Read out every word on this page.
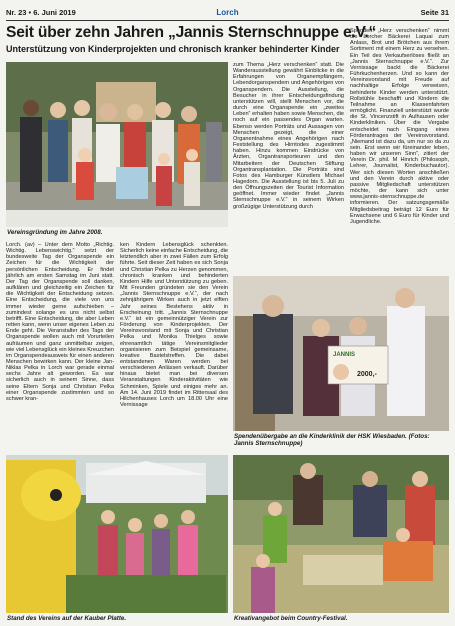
Nr. 23 • 6. Juni 2019	Lorch	Seite 31
Seit über zehn Jahren „Jannis Sternschnuppe e.V.“
Unterstützung von Kinderprojekten und chronisch kranker behinderter Kinder
Vereinsgründung im Jahre 2008.
zum Thema „Herz verschenken“ statt. Die Wanderausstellung gewährt Einblicke in die Erfahrungen von Organempfängern, Lebendorganspendern und Angehörigen von Organspendern. Die Ausstellung, die Besucher in ihrer Entscheidungsfindung unterstützen will, stellt Menschen vor, die durch eine Organspende ein „zweites Leben“ erhalten haben sowie Menschen, die noch auf ein passendes Organ warten. Ebenso werden Porträts und Aussagen von Menschen gezeigt, die einer Organentnahme eines Angehörigen nach Feststellung des Hirntodes zugestimmt haben. Hinzu kommen Eindrücke von Ärzten, Organtransporteuren und den Mitarbeitern der Deutschen Stiftung Organtransplantation. Die Porträts sind Fotos des Hamburger Künstlers Michael Hagedorn. Die Ausstellung ist bis 5. Juli zu den Öffnungszeiten der Tourist Information geöffnet. Immer wieder findet „Jannis Sternschnuppe e.V.“ in seinem Wirken großzügige Unterstützung durch
Spenden. „Herz verschenken“ nimmt die Lorcher Bäckerei Laquai zum Anlass, Brot und Brötchen aus ihrem Sortiment mit einem Herz zu versehen. Ein Teil des Verkaufserlöses fließt an „Jannis Sternschnuppe e.V.“. Zur Vernissage backt die Bäckerei Führkuchenherzen. Und so kann der Vereinsvorstand mit Freude auf nachhaltige Erfolge verweisen, behinderte Kinder werden unterstützt. Rollstühle beschafft und Kindern die Teilnahme an Klassenfahrten ermöglicht. Finanziell unterstützt wurde die St. Vincenzstift in Aulhausen oder Kinderkliniken. Über die Vergabe entscheidet nach Eingang eines Förderantrages der Vereinsvorstand. „Niemand ist dazu da, um nur so da zu sein. Erst wenn wir füreinander leben, haben wir unseren Sinn“, zitiert der Verein Dr. phil. M Hinrich (Philosoph, Lehrer, Journalist, Kinderbuchautor). Wer sich diesen Worten anschließen und den Verein durch aktive oder passive Mitgliedschaft unterstützen möchte, der kann sich unter www.jannis-sternschnuppe.de informieren. Der satzungsgemäße Mitgliedsbeitrag beträgt 12 Euro für Erwachsene und 6 Euro für Kinder und Jugendliche.
Lorch. (av) – Unter dem Motto „Richtig. Wichtig. Lebenswichtig.“ setzt der bundesweite Tag der Organspende ein Zeichen für die Wichtigkeit der persönlichen Entscheidung. Er findet jährlich am ersten Samstag im Juni statt. Der Tag der Organspende soll danken, aufklären und gleichzeitig ein Zeichen für die Wichtigkeit der Entscheidung setzen. Eine Entscheidung, die viele von uns immer wieder gerne aufschieben – zumindest solange es uns nicht selbst betrifft. Eine Entscheidung, die aber Leben retten kann, wenn unser eigenes Leben zu Ende geht. Die Veranstalter des Tags der Organspende wollen auch mit Vorurteilen aufräumen und ganz unmittelbar zeigen, wie viel Lebensglück ein kleines Kreuzchen im Organspendeausweis für einen anderen Menschen bewirken kann. Der kleine Jan-Niklas Pelka in Lorch war gerade einmal sechs Jahre alt geworden. Es war sicherlich auch in seinem Sinne, dass seine Eltern Sonja und Christian Pelka einer Organspende zustimmten und so schwer kran-
ken Kindern Lebensglück schenkten. Sicherlich keine einfache Entscheidung, die letztendlich aber in zwei Fällen zum Erfolg führte. Seit dieser Zeit haben es sich Sonja und Christian Pelka zu Herzen genommen, chronisch kranken und behinderten Kindern Hilfe und Unterstützung zu geben. Mit Freunden gründeten sie den Verein „Jannis Sternschnuppe e.V.“, der nach zehnjährigem Wirken auch in jetzt elften Jahr seines Bestehens aktiv in Erscheinung tritt. „Jannis Sternschnuppe e.V.“ ist ein gemeinnütziger Verein zur Förderung von Kinderprojekten. Der Vereinsvorstand mit Sonja und Christian Pelka und Monika Thielges sowie ehrenamtlich tätige Vereinsmitglieder organisieren zum Beispiel gemeinsame, kreative Bastelstreffen. Die dabei entstandenen Waren werden bei verschiedenen Anlässen verkauft. Darüber hinaus bietet man bei diversen Veranstaltungen Kinderaktivitäten wie Schminken, Spiele und einiges mehr an. Am 14. Juni 2019 findet im Rittersaal des Hilchenhauses Lorch um 18.00 Uhr eine Vernissage
JANNIS
2000,-
Spendenübergabe an die Kinderklinik der HSK Wiesbaden. (Fotos: Jannis Sternschnuppe)
Stand des Vereins auf der Kauber Platte.	Kreativangebot beim Country-Festival.
